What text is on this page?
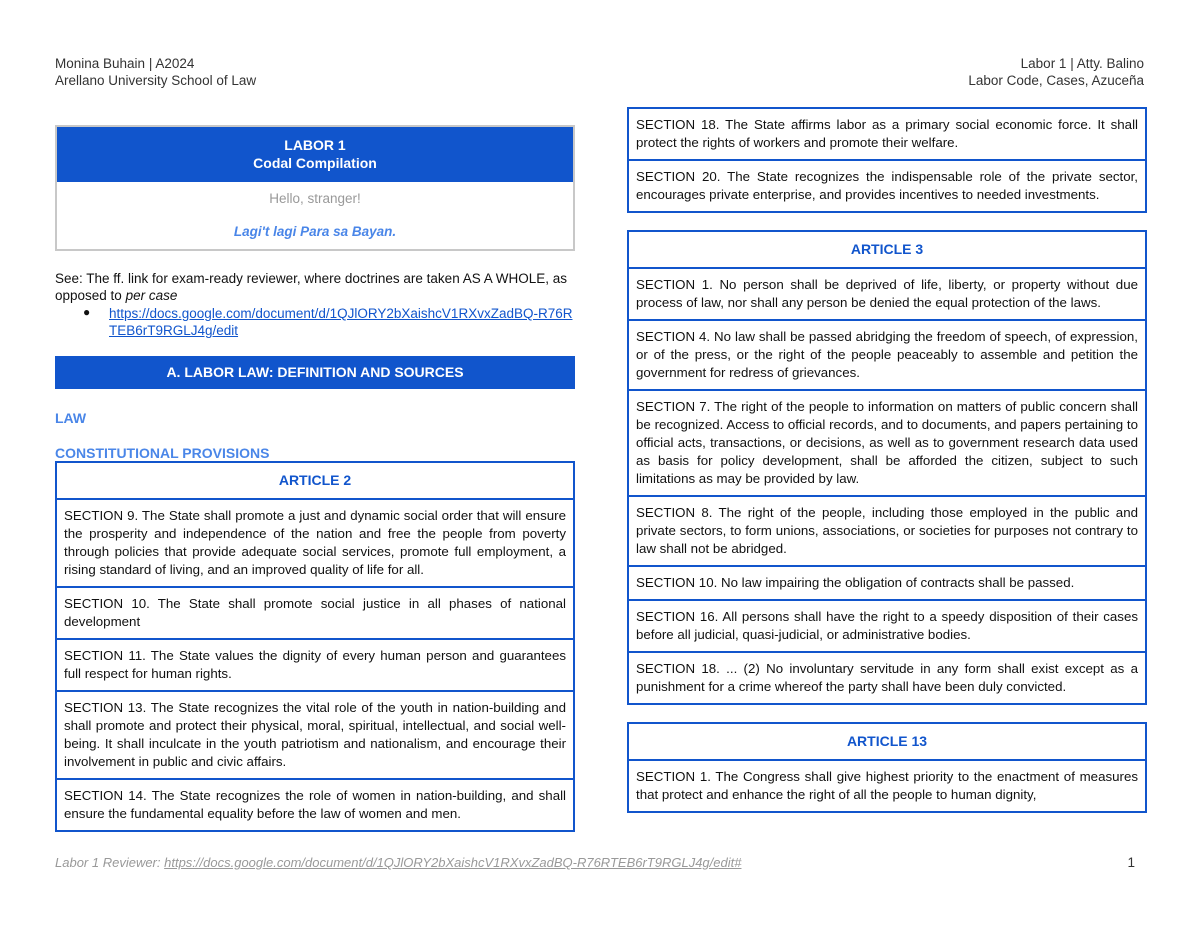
Monina Buhain | A2024
Arellano University School of Law
Labor 1 | Atty. Balino
Labor Code, Cases, Azuceña
LABOR 1
Codal Compilation
Hello, stranger!
Lagi't lagi Para sa Bayan.
See: The ff. link for exam-ready reviewer, where doctrines are taken AS A WHOLE, as opposed to per case
● https://docs.google.com/document/d/1QJlORY2bXaishcV1RXvxZadBQ-R76RTEB6rT9RGLJ4g/edit
A. LABOR LAW: DEFINITION AND SOURCES
LAW
CONSTITUTIONAL PROVISIONS
ARTICLE 2
SECTION 9. The State shall promote a just and dynamic social order that will ensure the prosperity and independence of the nation and free the people from poverty through policies that provide adequate social services, promote full employment, a rising standard of living, and an improved quality of life for all.
SECTION 10. The State shall promote social justice in all phases of national development
SECTION 11. The State values the dignity of every human person and guarantees full respect for human rights.
SECTION 13. The State recognizes the vital role of the youth in nation-building and shall promote and protect their physical, moral, spiritual, intellectual, and social well-being. It shall inculcate in the youth patriotism and nationalism, and encourage their involvement in public and civic affairs.
SECTION 14. The State recognizes the role of women in nation-building, and shall ensure the fundamental equality before the law of women and men.
SECTION 18. The State affirms labor as a primary social economic force. It shall protect the rights of workers and promote their welfare.
SECTION 20. The State recognizes the indispensable role of the private sector, encourages private enterprise, and provides incentives to needed investments.
ARTICLE 3
SECTION 1. No person shall be deprived of life, liberty, or property without due process of law, nor shall any person be denied the equal protection of the laws.
SECTION 4. No law shall be passed abridging the freedom of speech, of expression, or of the press, or the right of the people peaceably to assemble and petition the government for redress of grievances.
SECTION 7. The right of the people to information on matters of public concern shall be recognized. Access to official records, and to documents, and papers pertaining to official acts, transactions, or decisions, as well as to government research data used as basis for policy development, shall be afforded the citizen, subject to such limitations as may be provided by law.
SECTION 8. The right of the people, including those employed in the public and private sectors, to form unions, associations, or societies for purposes not contrary to law shall not be abridged.
SECTION 10. No law impairing the obligation of contracts shall be passed.
SECTION 16. All persons shall have the right to a speedy disposition of their cases before all judicial, quasi-judicial, or administrative bodies.
SECTION 18. ... (2) No involuntary servitude in any form shall exist except as a punishment for a crime whereof the party shall have been duly convicted.
ARTICLE 13
SECTION 1. The Congress shall give highest priority to the enactment of measures that protect and enhance the right of all the people to human dignity,
Labor 1 Reviewer: https://docs.google.com/document/d/1QJlORY2bXaishcV1RXvxZadBQ-R76RTEB6rT9RGLJ4g/edit#	1
